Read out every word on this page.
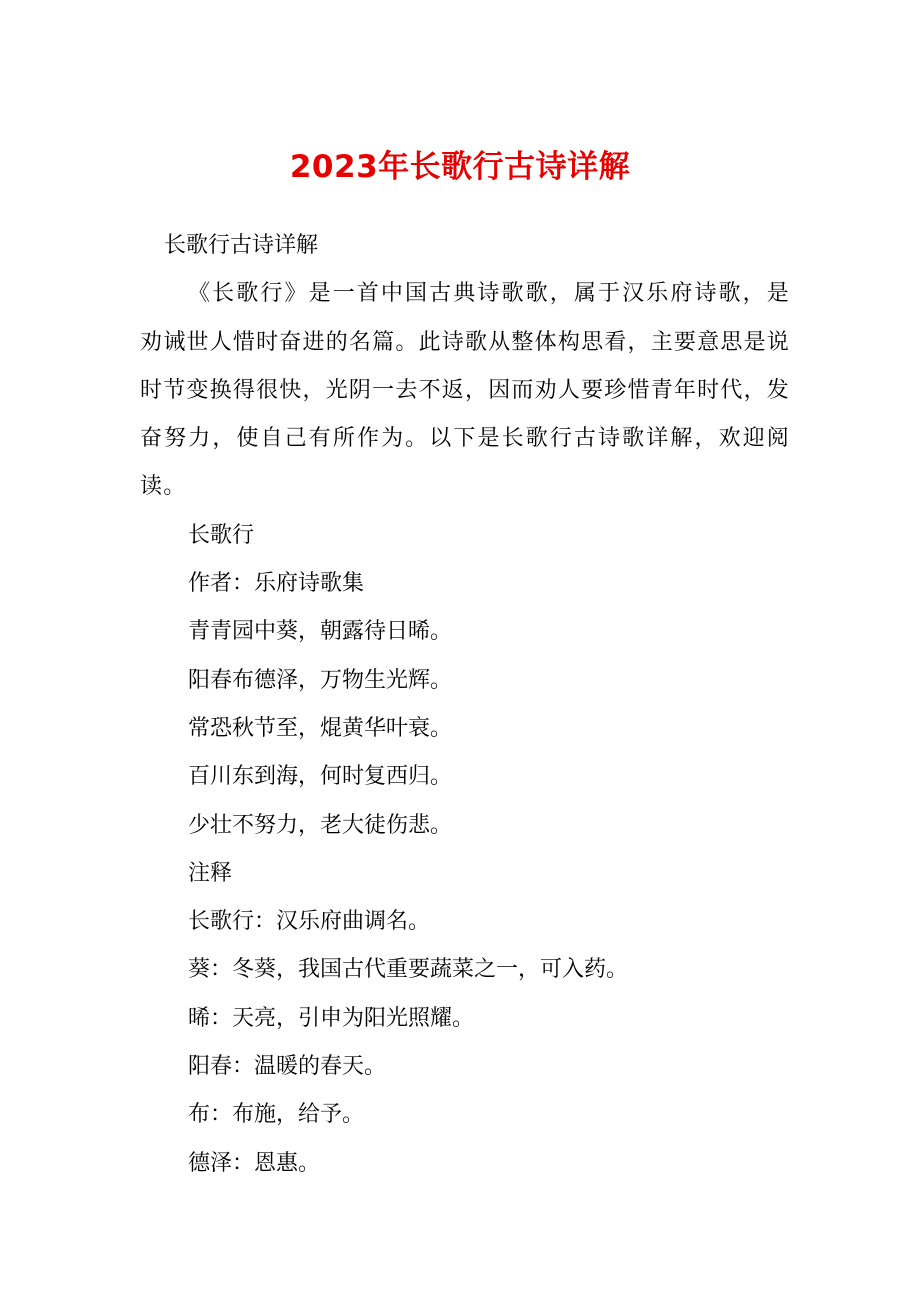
2023年长歌行古诗详解

长歌行古诗详解

《长歌行》是一首中国古典诗歌歌，属于汉乐府诗歌，是劝诫世人惜时奋进的名篇。此诗歌从整体构思看，主要意思是说时节变换得很快，光阴一去不返，因而劝人要珍惜青年时代，发奋努力，使自己有所作为。以下是长歌行古诗歌详解，欢迎阅读。

长歌行

作者：乐府诗歌集

青青园中葵，朝露待日晞。

阳春布德泽，万物生光辉。

常恐秋节至，焜黄华叶衰。

百川东到海，何时复西归。

少壮不努力，老大徒伤悲。

注释

长歌行：汉乐府曲调名。

葵：冬葵，我国古代重要蔬菜之一，可入药。

晞：天亮，引申为阳光照耀。

阳春：温暖的春天。

布：布施，给予。

德泽：恩惠。
